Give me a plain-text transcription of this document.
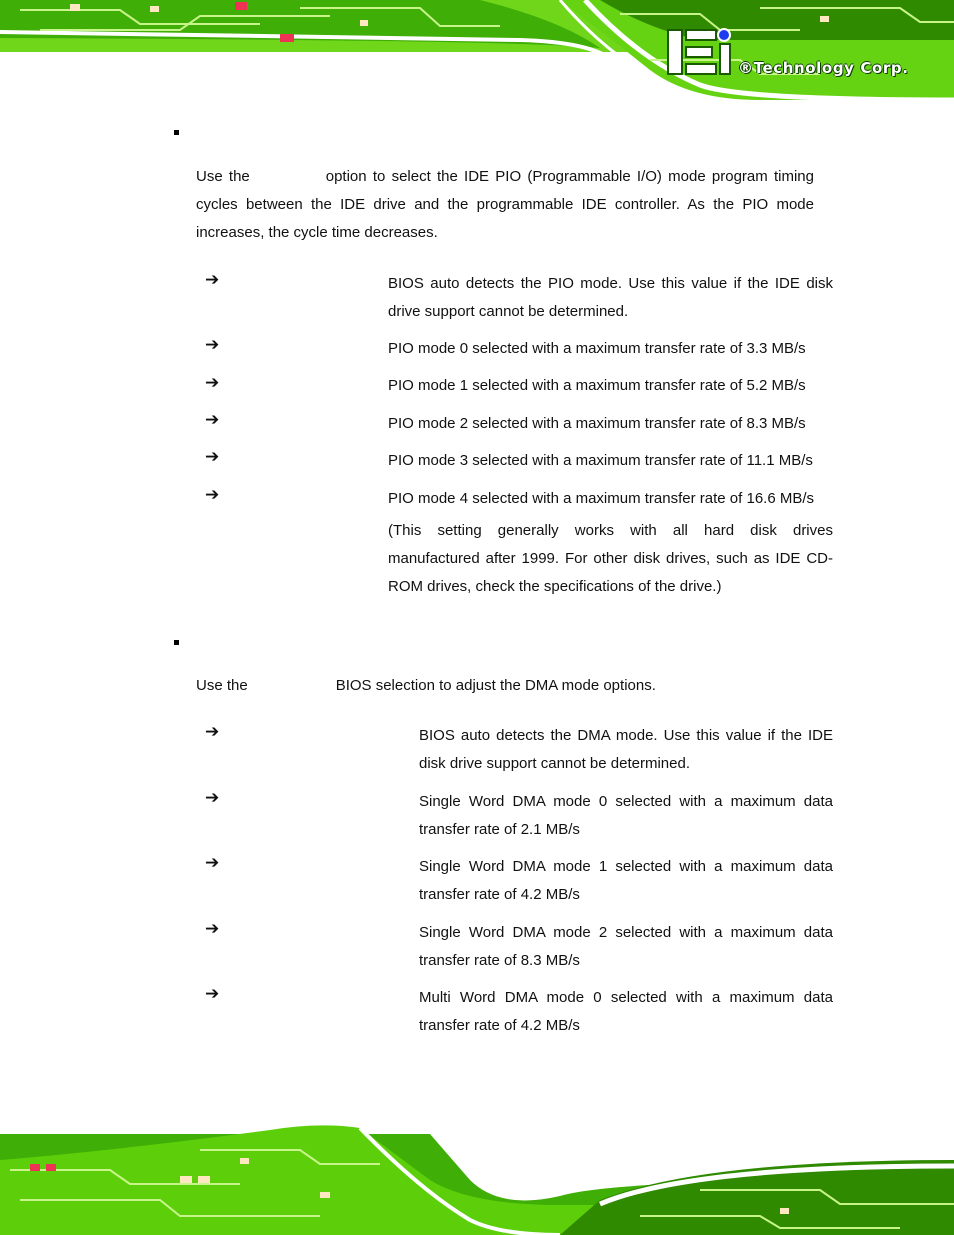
®Technology Corp.

Use the	option to select the IDE PIO (Programmable I/O) mode program timing cycles between the IDE drive and the programmable IDE controller. As the PIO mode increases, the cycle time decreases.

➔	BIOS auto detects the PIO mode. Use this value if the IDE disk drive support cannot be determined.

➔	PIO mode 0 selected with a maximum transfer rate of 3.3 MB/s

➔	PIO mode 1 selected with a maximum transfer rate of 5.2 MB/s

➔	PIO mode 2 selected with a maximum transfer rate of 8.3 MB/s

➔	PIO mode 3 selected with a maximum transfer rate of 11.1 MB/s

➔	PIO mode 4 selected with a maximum transfer rate of 16.6 MB/s

(This setting generally works with all hard disk drives manufactured after 1999. For other disk drives, such as IDE CD-ROM drives, check the specifications of the drive.)

Use the	BIOS selection to adjust the DMA mode options.

➔	BIOS auto detects the DMA mode. Use this value if the IDE disk drive support cannot be determined.

➔	Single Word DMA mode 0 selected with a maximum data transfer rate of 2.1 MB/s

➔	Single Word DMA mode 1 selected with a maximum data transfer rate of 4.2 MB/s

➔	Single Word DMA mode 2 selected with a maximum data transfer rate of 8.3 MB/s

➔	Multi Word DMA mode 0 selected with a maximum data transfer rate of 4.2 MB/s
